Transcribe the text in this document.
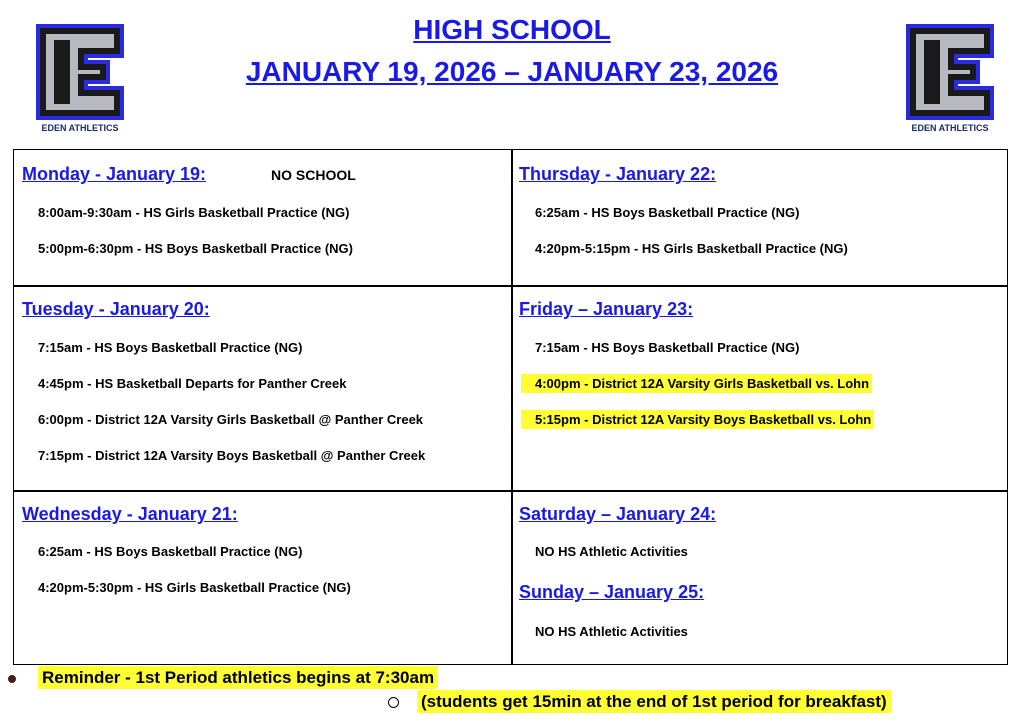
EDEN ATHLETICS	EDEN ATHLETICS
HIGH SCHOOL
JANUARY 19, 2026 – JANUARY 23, 2026
Monday - January 19:	NO SCHOOL
8:00am-9:30am - HS Girls Basketball Practice (NG)
5:00pm-6:30pm - HS Boys Basketball Practice (NG)
Tuesday - January 20:
7:15am - HS Boys Basketball Practice (NG)
4:45pm - HS Basketball Departs for Panther Creek
6:00pm - District 12A Varsity Girls Basketball @ Panther Creek
7:15pm - District 12A Varsity Boys Basketball @ Panther Creek
Wednesday - January 21:
6:25am - HS Boys Basketball Practice (NG)
4:20pm-5:30pm - HS Girls Basketball Practice (NG)
Thursday - January 22:
6:25am - HS Boys Basketball Practice (NG)
4:20pm-5:15pm - HS Girls Basketball Practice (NG)
Friday – January 23:
7:15am - HS Boys Basketball Practice (NG)
4:00pm - District 12A Varsity Girls Basketball vs. Lohn
5:15pm - District 12A Varsity Boys Basketball vs. Lohn
Saturday – January 24:
NO HS Athletic Activities
Sunday – January 25:
NO HS Athletic Activities
Reminder - 1st Period athletics begins at 7:30am
(students get 15min at the end of 1st period for breakfast)
